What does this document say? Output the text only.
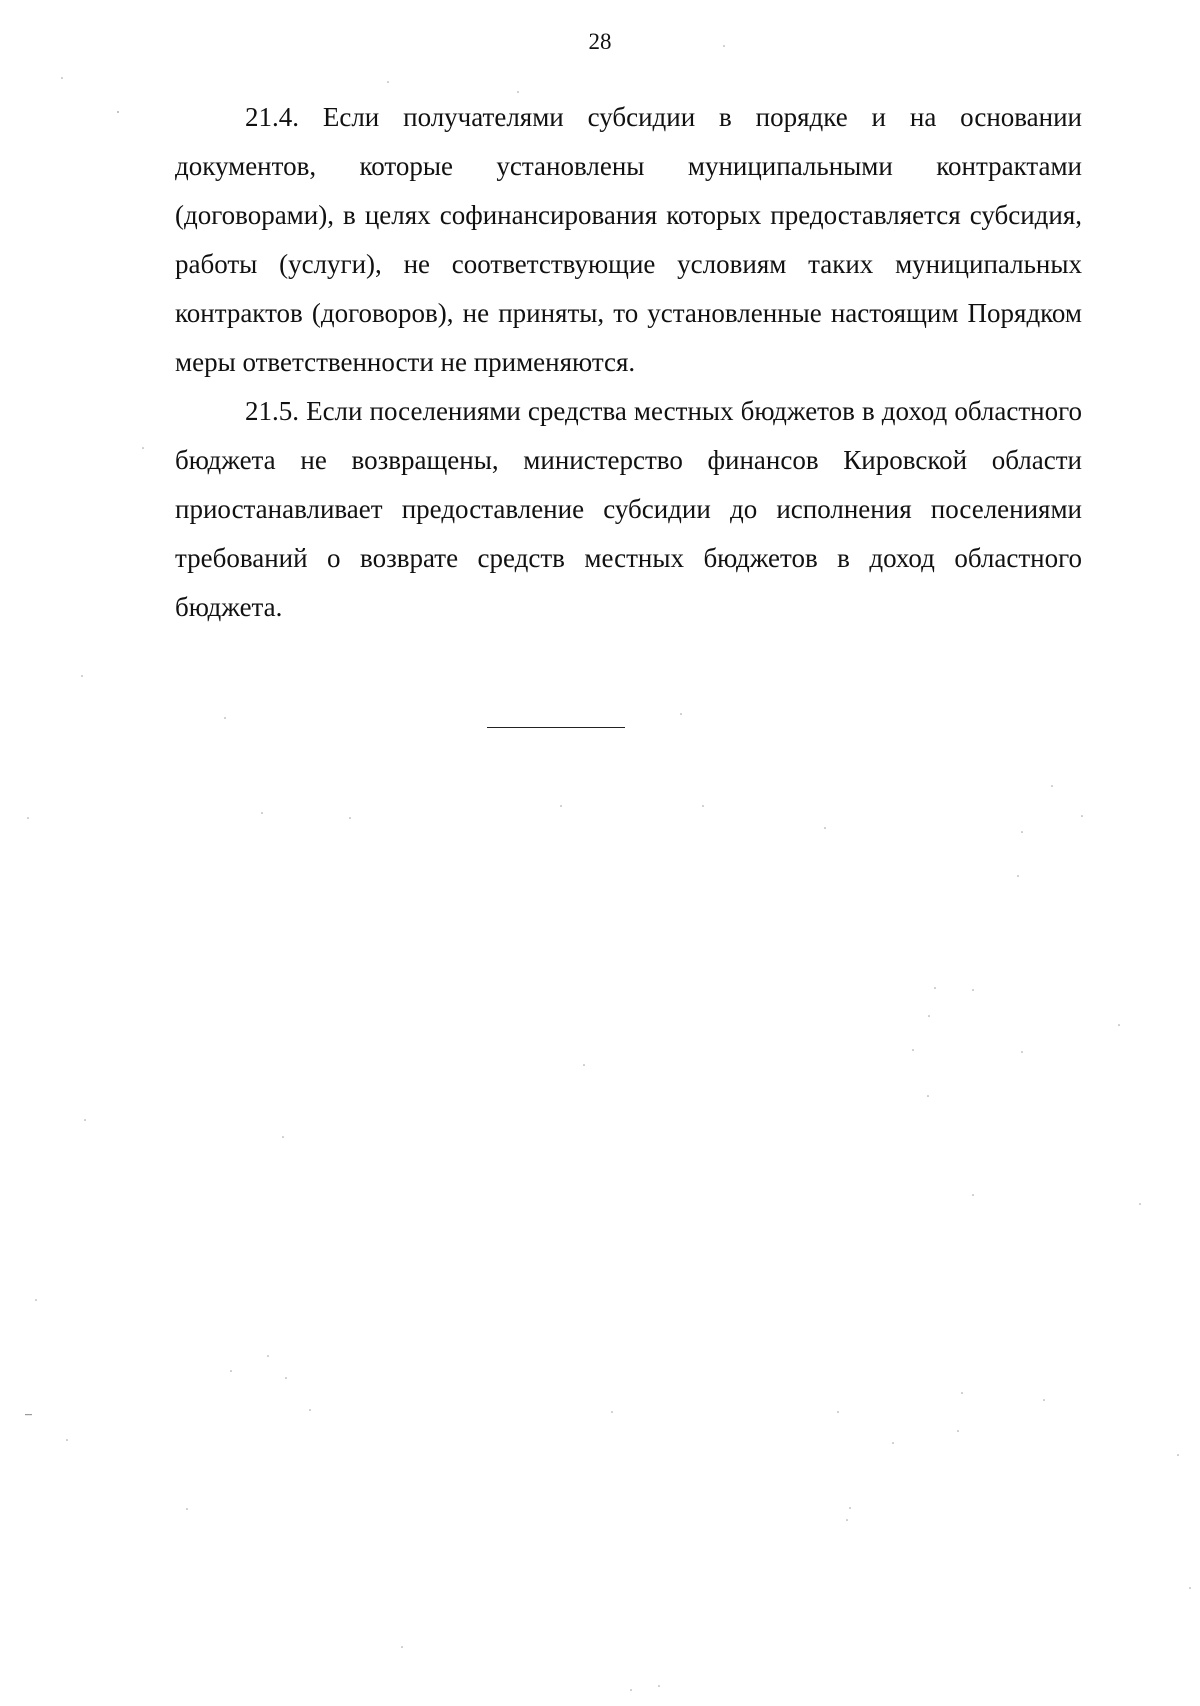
28

21.4. Если получателями субсидии в порядке и на основании документов, которые установлены муниципальными контрактами (договорами), в целях софинансирования которых предоставляется субсидия, работы (услуги), не соответствующие условиям таких муниципальных контрактов (договоров), не приняты, то установленные настоящим Порядком меры ответственности не применяются.

21.5. Если поселениями средства местных бюджетов в доход областного бюджета не возвращены, министерство финансов Кировской области приостанавливает предоставление субсидии до исполнения поселениями требований о возврате средств местных бюджетов в доход областного бюджета.
